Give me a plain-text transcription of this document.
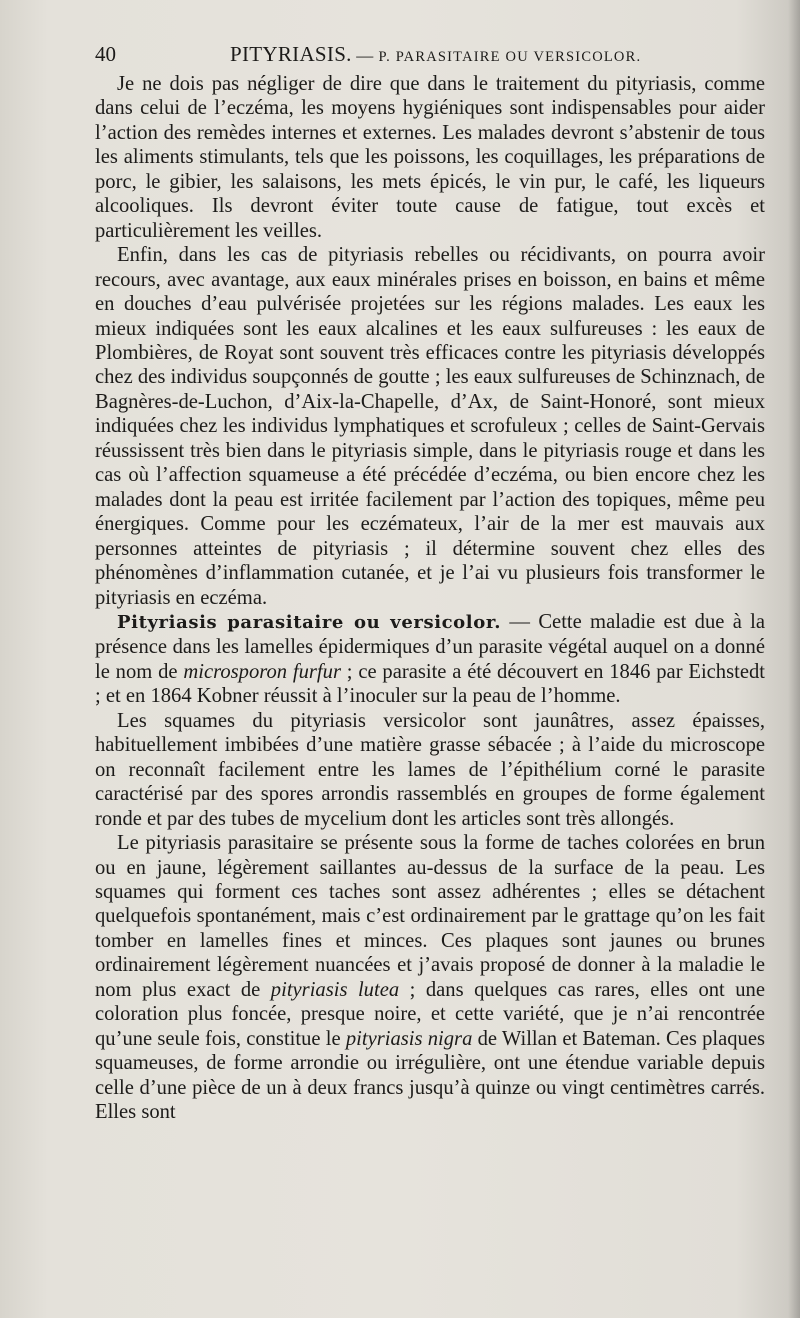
40	PITYRIASIS. — P. PARASITAIRE OU VERSICOLOR.

Je ne dois pas négliger de dire que dans le traitement du pityriasis, comme dans celui de l’eczéma, les moyens hygiéniques sont indispensables pour aider l’action des remèdes internes et externes. Les malades devront s’abstenir de tous les aliments stimulants, tels que les poissons, les coquillages, les préparations de porc, le gibier, les salaisons, les mets épicés, le vin pur, le café, les liqueurs alcooliques. Ils devront éviter toute cause de fatigue, tout excès et particulièrement les veilles.

Enfin, dans les cas de pityriasis rebelles ou récidivants, on pourra avoir recours, avec avantage, aux eaux minérales prises en boisson, en bains et même en douches d’eau pulvérisée projetées sur les régions malades. Les eaux les mieux indiquées sont les eaux alcalines et les eaux sulfureuses : les eaux de Plombières, de Royat sont souvent très efficaces contre les pityriasis développés chez des individus soupçonnés de goutte ; les eaux sulfureuses de Schinznach, de Bagnères-de-Luchon, d’Aix-la-Chapelle, d’Ax, de Saint-Honoré, sont mieux indiquées chez les individus lymphatiques et scrofuleux ; celles de Saint-Gervais réussissent très bien dans le pityriasis simple, dans le pityriasis rouge et dans les cas où l’affection squameuse a été précédée d’eczéma, ou bien encore chez les malades dont la peau est irritée facilement par l’action des topiques, même peu énergiques. Comme pour les eczémateux, l’air de la mer est mauvais aux personnes atteintes de pityriasis ; il détermine souvent chez elles des phénomènes d’inflammation cutanée, et je l’ai vu plusieurs fois transformer le pityriasis en eczéma.

Pityriasis parasitaire ou versicolor. — Cette maladie est due à la présence dans les lamelles épidermiques d’un parasite végétal auquel on a donné le nom de microsporon furfur ; ce parasite a été découvert en 1846 par Eichstedt ; et en 1864 Kobner réussit à l’inoculer sur la peau de l’homme.

Les squames du pityriasis versicolor sont jaunâtres, assez épaisses, habituellement imbibées d’une matière grasse sébacée ; à l’aide du microscope on reconnaît facilement entre les lames de l’épithélium corné le parasite caractérisé par des spores arrondis rassemblés en groupes de forme également ronde et par des tubes de mycelium dont les articles sont très allongés.

Le pityriasis parasitaire se présente sous la forme de taches colorées en brun ou en jaune, légèrement saillantes au-dessus de la surface de la peau. Les squames qui forment ces taches sont assez adhérentes ; elles se détachent quelquefois spontanément, mais c’est ordinairement par le grattage qu’on les fait tomber en lamelles fines et minces. Ces plaques sont jaunes ou brunes ordinairement légèrement nuancées et j’avais proposé de donner à la maladie le nom plus exact de pityriasis lutea ; dans quelques cas rares, elles ont une coloration plus foncée, presque noire, et cette variété, que je n’ai rencontrée qu’une seule fois, constitue le pityriasis nigra de Willan et Bateman. Ces plaques squameuses, de forme arrondie ou irrégulière, ont une étendue variable depuis celle d’une pièce de un à deux francs jusqu’à quinze ou vingt centimètres carrés. Elles sont
